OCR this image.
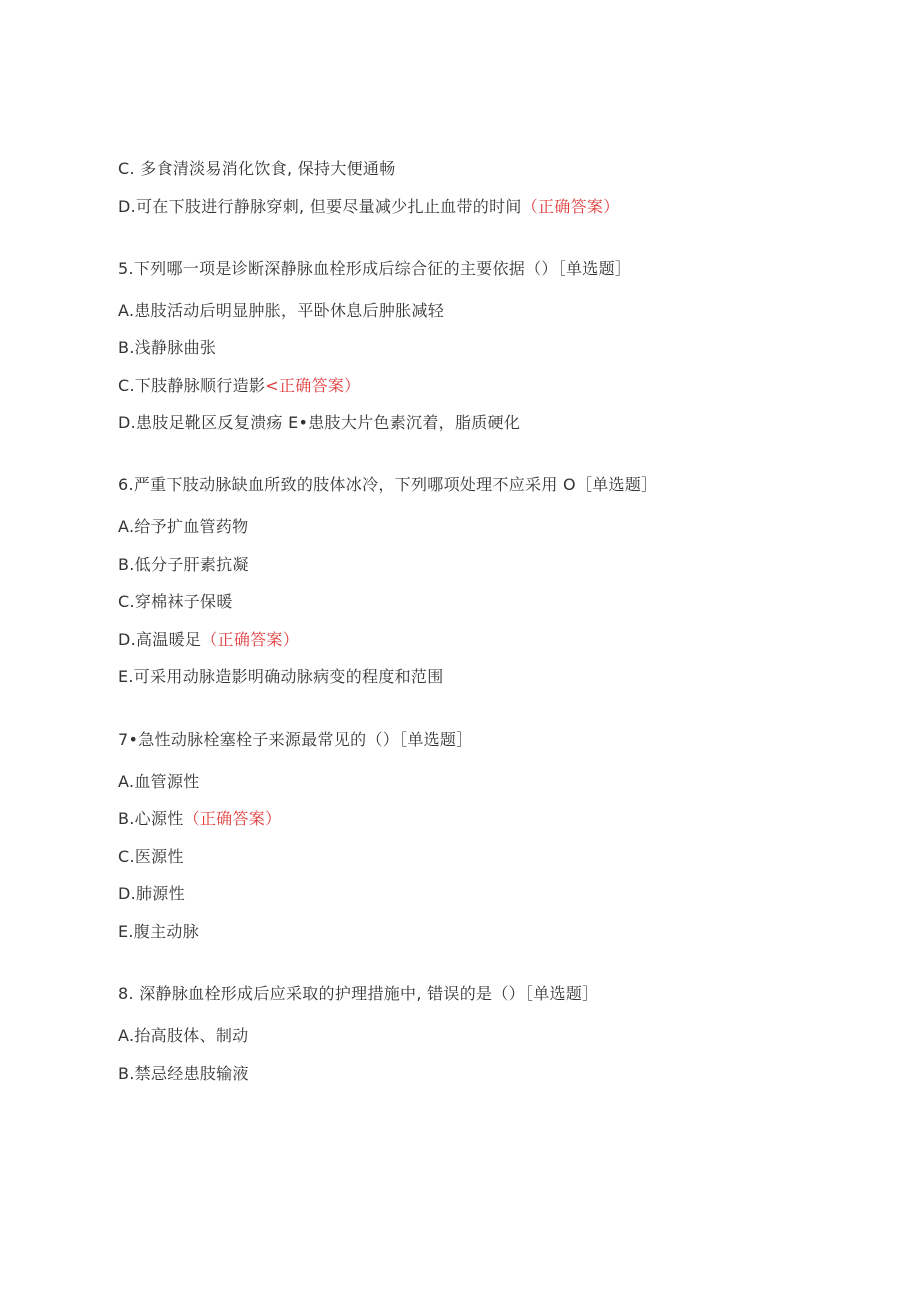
C. 多食清淡易消化饮食, 保持大便通畅
D.可在下肢进行静脉穿刺, 但要尽量减少扎止血带的时间（正确答案）
5.下列哪一项是诊断深静脉血栓形成后综合征的主要依据（）［单选题］
A.患肢活动后明显肿胀，平卧休息后肿胀减轻
B.浅静脉曲张
C.下肢静脉顺行造影<正确答案）
D.患肢足靴区反复溃疡 E•患肢大片色素沉着，脂质硬化
6.严重下肢动脉缺血所致的肢体冰冷，下列哪项处理不应采用 O［单选题］
A.给予扩血管药物
B.低分子肝素抗凝
C.穿棉袜子保暖
D.高温暖足（正确答案）
E.可采用动脉造影明确动脉病变的程度和范围
7•急性动脉栓塞栓子来源最常见的（）［单选题］
A.血管源性
B.心源性（正确答案）
C.医源性
D.肺源性
E.腹主动脉
8. 深静脉血栓形成后应采取的护理措施中, 错误的是（）［单选题］
A.抬高肢体、制动
B.禁忌经患肢输液
